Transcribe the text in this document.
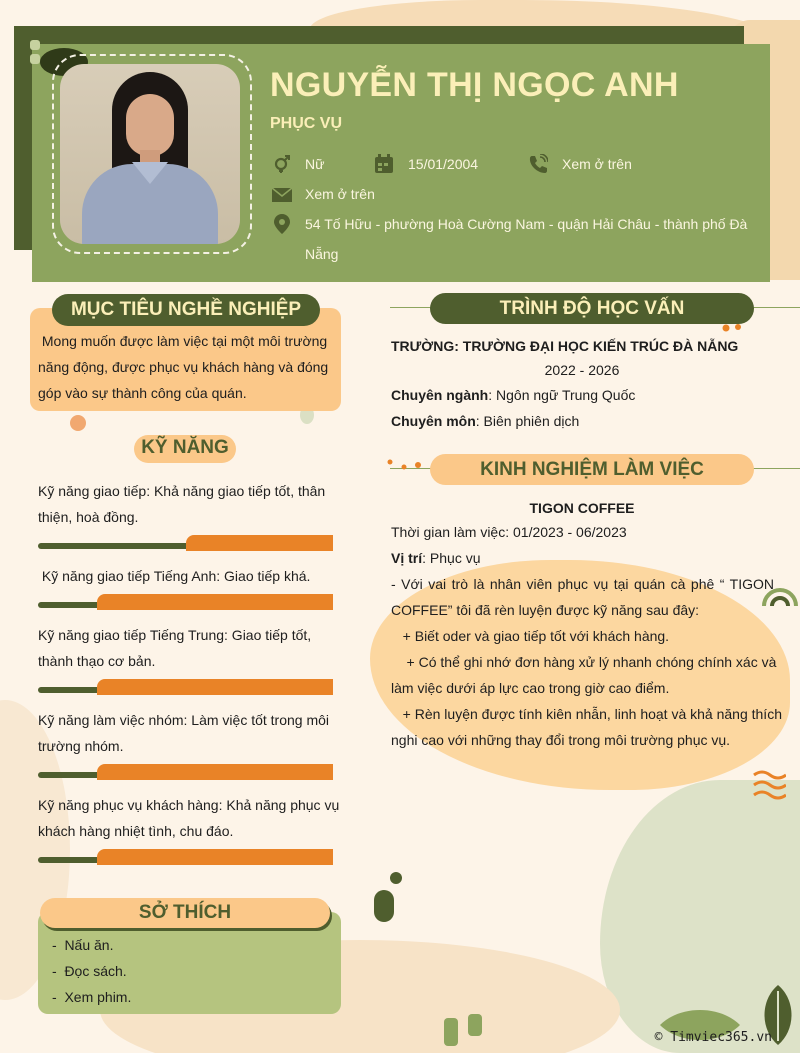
NGUYỄN THỊ NGỌC ANH
PHỤC VỤ
Nữ	15/01/2004	Xem ở trên
Xem ở trên
54 Tố Hữu - phường Hoà Cường Nam - quận Hải Châu - thành phố Đà
Nẵng
MỤC TIÊU NGHỀ NGHIỆP
Mong muốn được làm việc tại một môi trường
năng động, được phục vụ khách hàng và đóng
góp vào sự thành công của quán.
KỸ NĂNG
Kỹ năng giao tiếp: Khả năng giao tiếp tốt, thân
thiện, hoà đồng.
Kỹ năng giao tiếp Tiếng Anh: Giao tiếp khá.
Kỹ năng giao tiếp Tiếng Trung: Giao tiếp tốt,
thành thạo cơ bản.
Kỹ năng làm việc nhóm: Làm việc tốt trong môi
trường nhóm.
Kỹ năng phục vụ khách hàng: Khả năng phục vụ
khách hàng nhiệt tình, chu đáo.
SỞ THÍCH
-  Nấu ăn.
-  Đọc sách.
-  Xem phim.
TRÌNH ĐỘ HỌC VẤN
TRƯỜNG: TRƯỜNG ĐẠI HỌC KIẾN TRÚC ĐÀ NẴNG
2022 - 2026
Chuyên ngành: Ngôn ngữ Trung Quốc
Chuyên môn: Biên phiên dịch
KINH NGHIỆM LÀM VIỆC
TIGON COFFEE
Thời gian làm việc: 01/2023 - 06/2023
Vị trí: Phục vụ
- Với vai trò là nhân viên phục vụ tại quán cà phê “ TIGON
COFFEE” tôi đã rèn luyện được kỹ năng sau đây:
+ Biết oder và giao tiếp tốt với khách hàng.
+ Có thể ghi nhớ đơn hàng xử lý nhanh chóng chính xác và
làm việc dưới áp lực cao trong giờ cao điểm.
+ Rèn luyện được tính kiên nhẫn, linh hoạt và khả năng thích
nghi cao với những thay đổi trong môi trường phục vụ.
© Timviec365.vn
